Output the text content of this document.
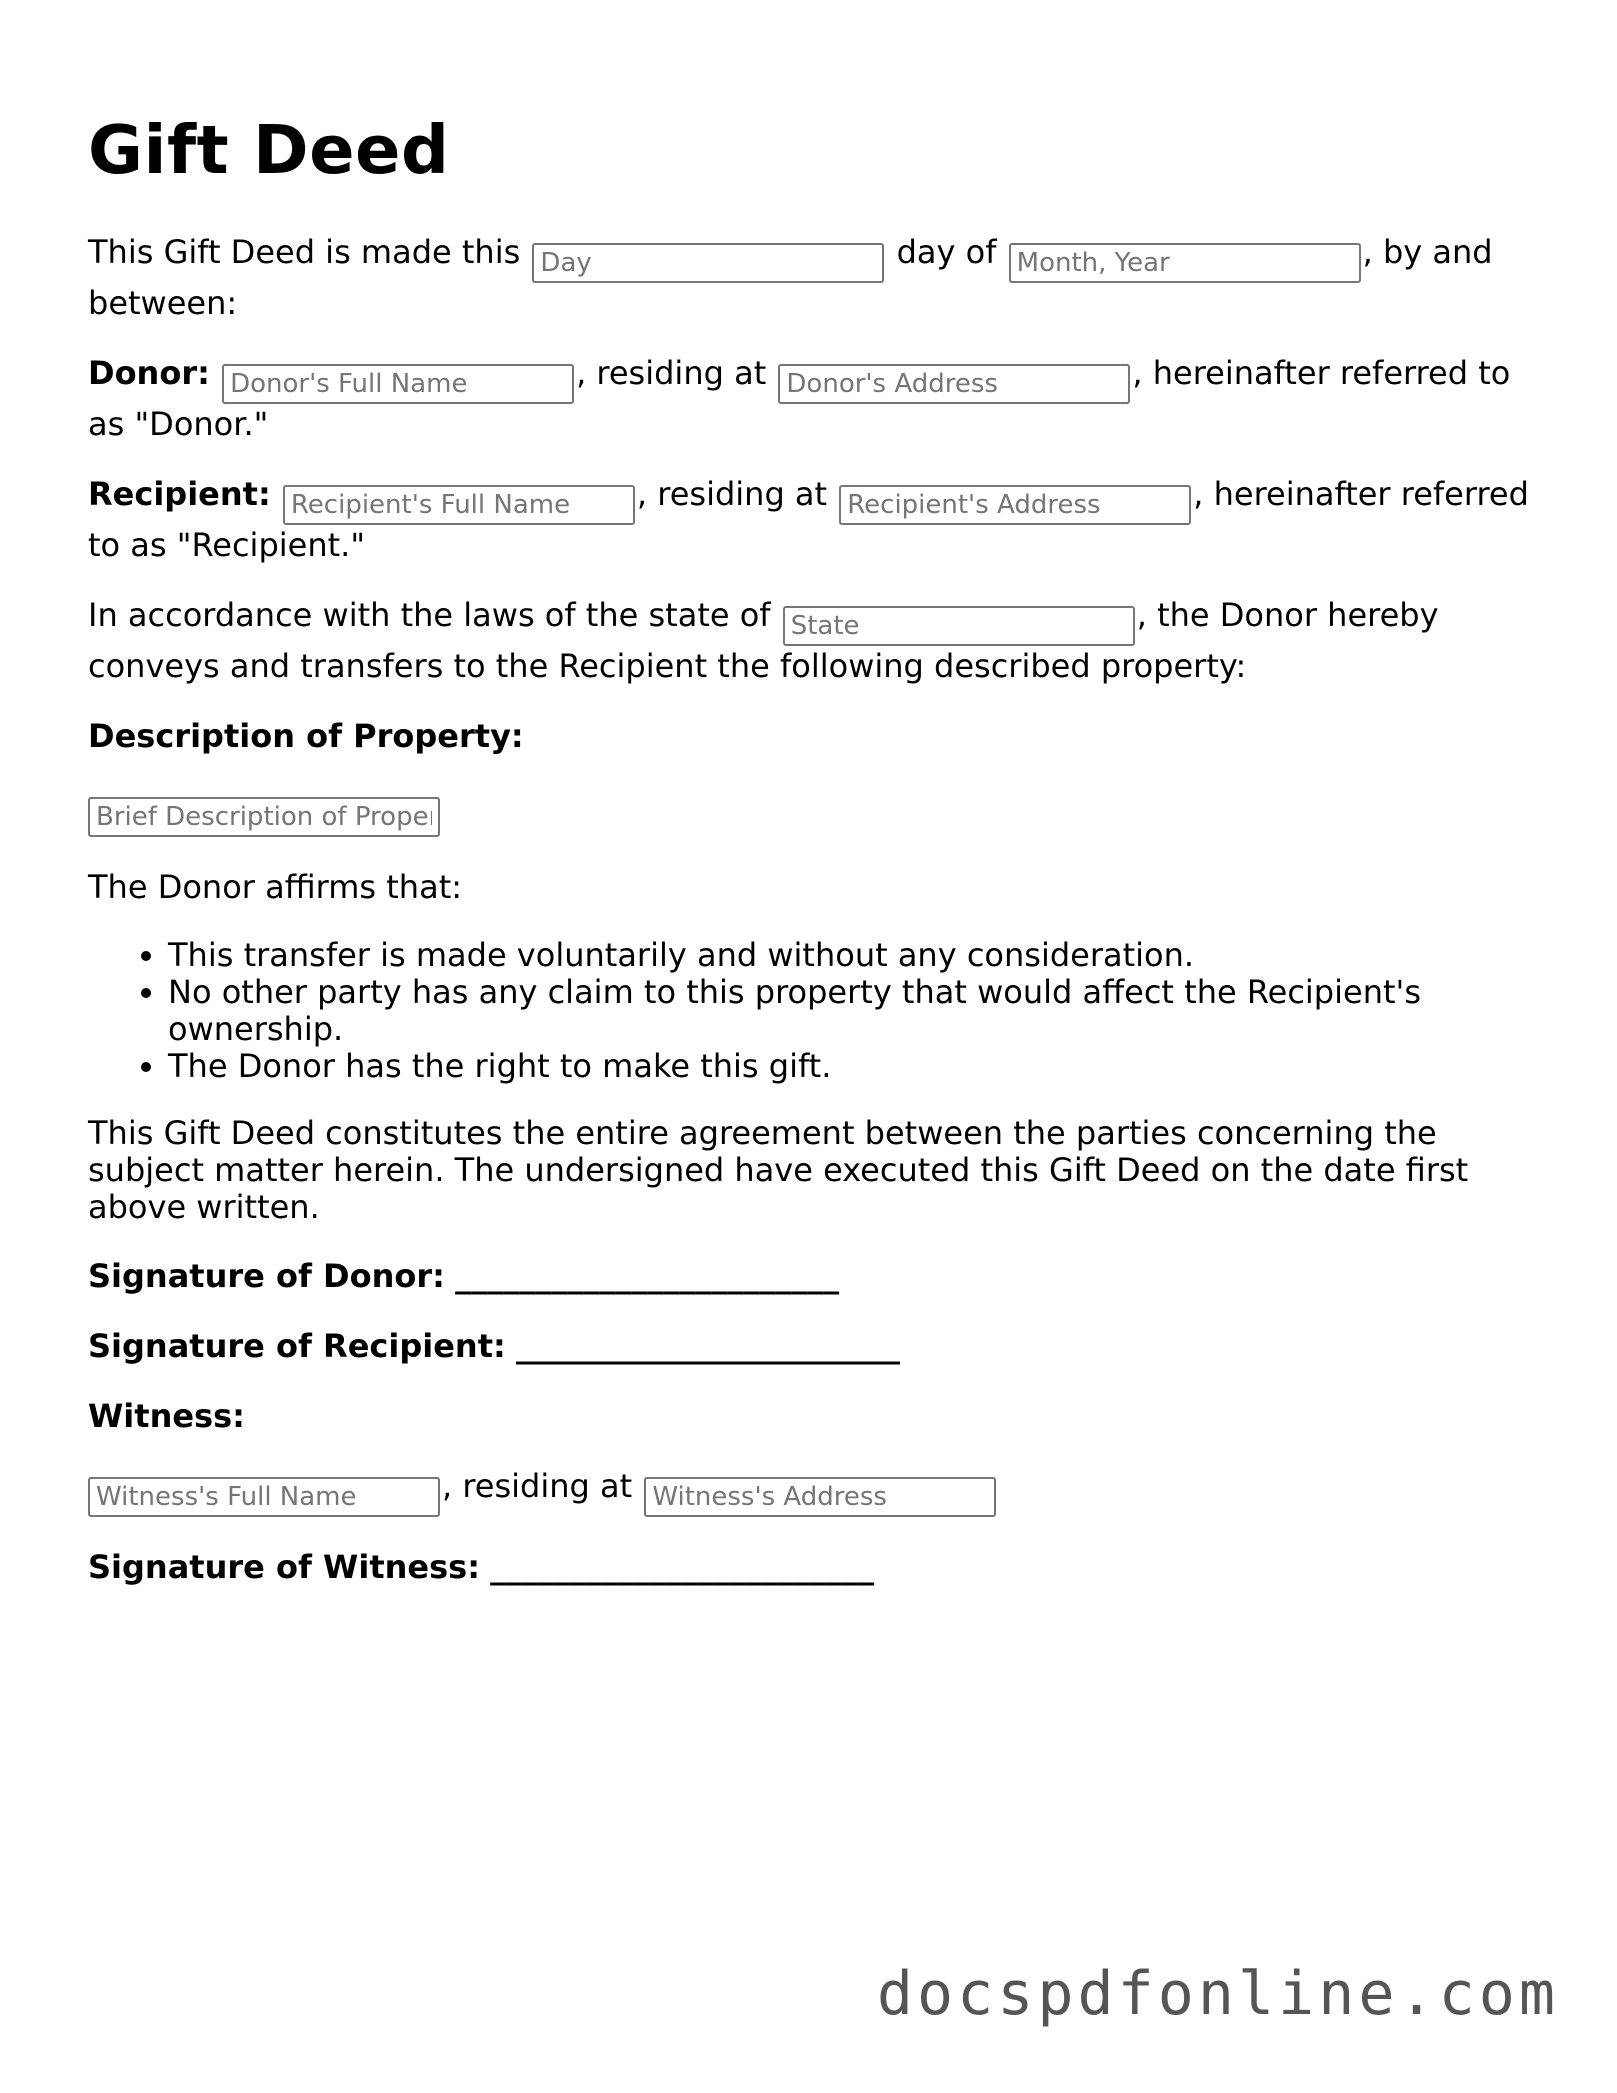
Gift Deed

This Gift Deed is made this Day	day of Month, Year	, by and between:

Donor: Donor's Full Name	, residing at Donor's Address	, hereinafter referred to as "Donor."

Recipient: Recipient's Full Name	, residing at Recipient's Address	, hereinafter referred to as "Recipient."

In accordance with the laws of the state of State	, the Donor hereby conveys and transfers to the Recipient the following described property:

Description of Property:

Brief Description of Property

The Donor affirms that:

• This transfer is made voluntarily and without any consideration.
• No other party has any claim to this property that would affect the Recipient's ownership.
• The Donor has the right to make this gift.

This Gift Deed constitutes the entire agreement between the parties concerning the subject matter herein. The undersigned have executed this Gift Deed on the date first above written.

Signature of Donor: ________________________

Signature of Recipient: ________________________

Witness:

Witness's Full Name, residing at Witness's Address

Signature of Witness: ________________________

docspdfonline.com
